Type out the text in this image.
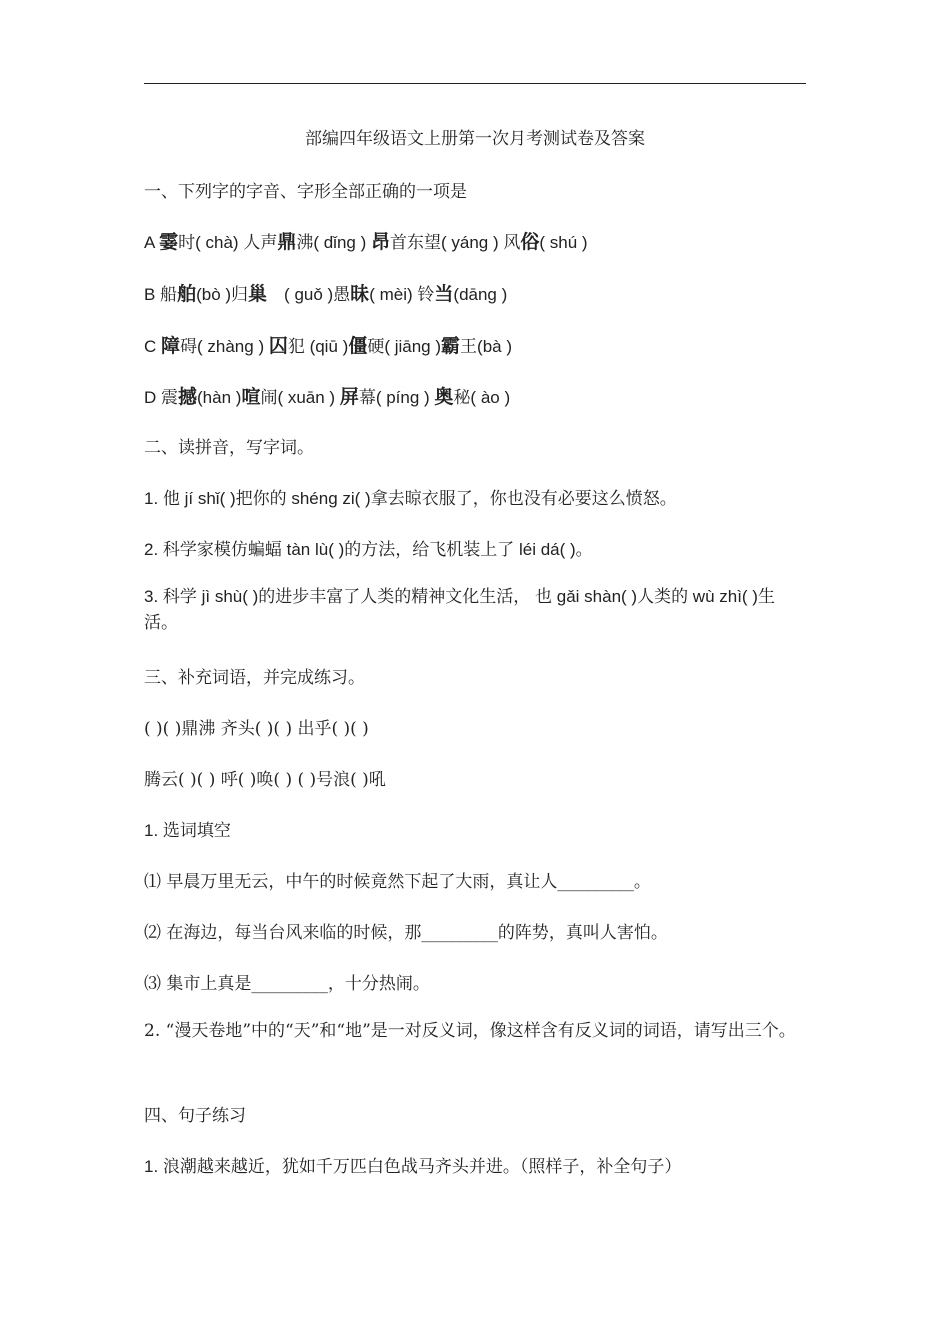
部编四年级语文上册第一次月考测试卷及答案
一、下列字的字音、字形全部正确的一项是
A 霎时( chà) 人声鼎沸( dǐng ) 昂首东望( yáng ) 风俗( shú )
B 船舶(bò )归巢　( guǒ )愚昧( mèi) 铃当(dāng )
C 障碍( zhàng ) 囚犯 (qiū )僵硬( jiāng )霸王(bà )
D 震撼(hàn )喧闹( xuān ) 屏幕( píng ) 奥秘( ào )
二、读拼音，写字词。
1. 他 jí shǐ( )把你的 shéng zi( )拿去晾衣服了，你也没有必要这么愤怒。
2. 科学家模仿蝙蝠 tàn lù( )的方法，给飞机装上了 léi dá( )。
3. 科学 jì shù( )的进步丰富了人类的精神文化生活， 也 gǎi shàn( )人类的 wù zhì( )生活。
三、补充词语，并完成练习。
( )( )鼎沸 齐头( )( ) 出乎( )( )
腾云( )( ) 呼( )唤( ) ( )号浪( )吼
1. 选词填空
⑴ 早晨万里无云，中午的时候竟然下起了大雨，真让人_________。
⑵ 在海边，每当台风来临的时候，那_________的阵势，真叫人害怕。
⑶ 集市上真是_________，十分热闹。
2. “漫天卷地”中的“天”和“地”是一对反义词，像这样含有反义词的词语，请写出三个。
四、句子练习
1. 浪潮越来越近，犹如千万匹白色战马齐头并进。（照样子，补全句子）
